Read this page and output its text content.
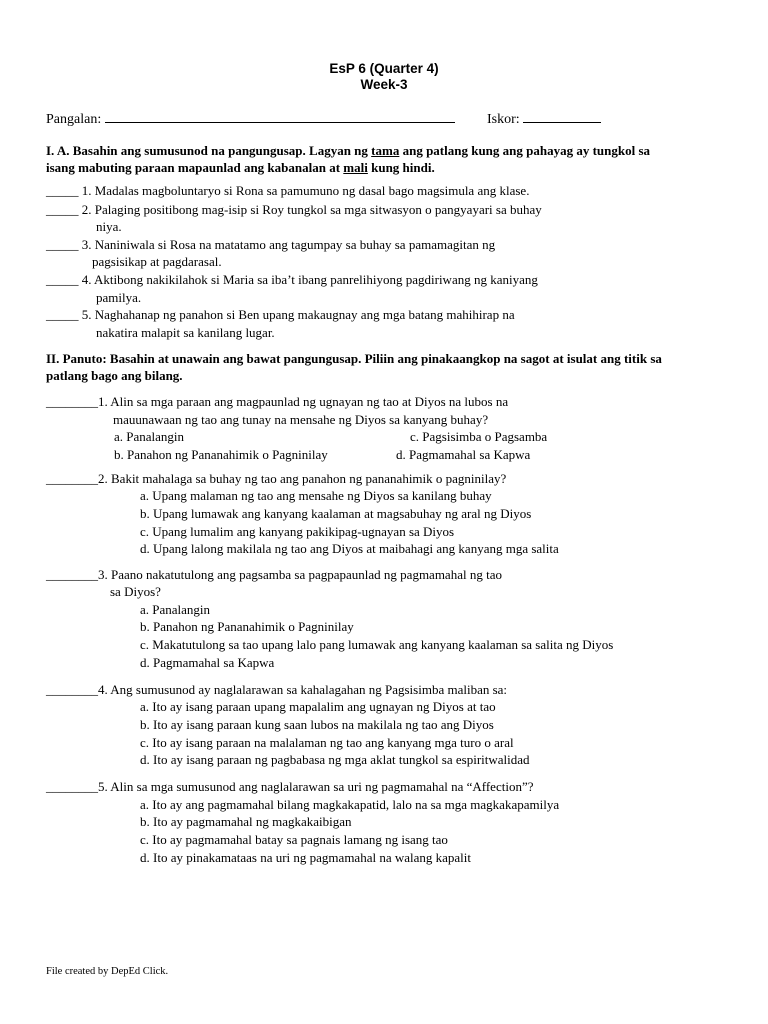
EsP 6 (Quarter 4)
Week-3
Pangalan:	Iskor:
I. A. Basahin ang sumusunod na pangungusap. Lagyan ng tama ang patlang kung ang pahayag ay tungkol sa
isang mabuting paraan mapaunlad ang kabanalan at mali kung hindi.
_____ 1. Madalas magboluntaryo si Rona sa pamumuno ng dasal bago magsimula ang klase.
_____ 2. Palaging positibong mag-isip si Roy tungkol sa mga sitwasyon o pangyayari sa buhay
niya.
_____ 3. Naniniwala si Rosa na matatamo ang tagumpay sa buhay sa pamamagitan ng
pagsisikap at pagdarasal.
_____ 4. Aktibong nakikilahok si Maria sa iba’t ibang panrelihiyong pagdiriwang ng kaniyang
pamilya.
_____ 5. Naghahanap ng panahon si Ben upang makaugnay ang mga batang mahihirap na
nakatira malapit sa kanilang lugar.
II. Panuto: Basahin at unawain ang bawat pangungusap. Piliin ang pinakaangkop na sagot at isulat ang titik sa
patlang bago ang bilang.
________1. Alin sa mga paraan ang magpaunlad ng ugnayan ng tao at Diyos na lubos na
mauunawaan ng tao ang tunay na mensahe ng Diyos sa kanyang buhay?
a. Panalangin	c. Pagsisimba o Pagsamba
b. Panahon ng Pananahimik o Pagninilay	d. Pagmamahal sa Kapwa
________2. Bakit mahalaga sa buhay ng tao ang panahon ng pananahimik o pagninilay?
a. Upang malaman ng tao ang mensahe ng Diyos sa kanilang buhay
b. Upang lumawak ang kanyang kaalaman at magsabuhay ng aral ng Diyos
c. Upang lumalim ang kanyang pakikipag-ugnayan sa Diyos
d. Upang lalong makilala ng tao ang Diyos at maibahagi ang kanyang mga salita
________3. Paano nakatutulong ang pagsamba sa pagpapaunlad ng pagmamahal ng tao
sa Diyos?
a. Panalangin
b. Panahon ng Pananahimik o Pagninilay
c. Makatutulong sa tao upang lalo pang lumawak ang kanyang kaalaman sa salita ng Diyos
d. Pagmamahal sa Kapwa
________4. Ang sumusunod ay naglalarawan sa kahalagahan ng Pagsisimba maliban sa:
a. Ito ay isang paraan upang mapalalim ang ugnayan ng Diyos at tao
b. Ito ay isang paraan kung saan lubos na makilala ng tao ang Diyos
c. Ito ay isang paraan na malalaman ng tao ang kanyang mga turo o aral
d. Ito ay isang paraan ng pagbabasa ng mga aklat tungkol sa espiritwalidad
________5. Alin sa mga sumusunod ang naglalarawan sa uri ng pagmamahal na “Affection”?
a. Ito ay ang pagmamahal bilang magkakapatid, lalo na sa mga magkakapamilya
b. Ito ay pagmamahal ng magkakaibigan
c. Ito ay pagmamahal batay sa pagnais lamang ng isang tao
d. Ito ay pinakamataas na uri ng pagmamahal na walang kapalit
File created by DepEd Click.
